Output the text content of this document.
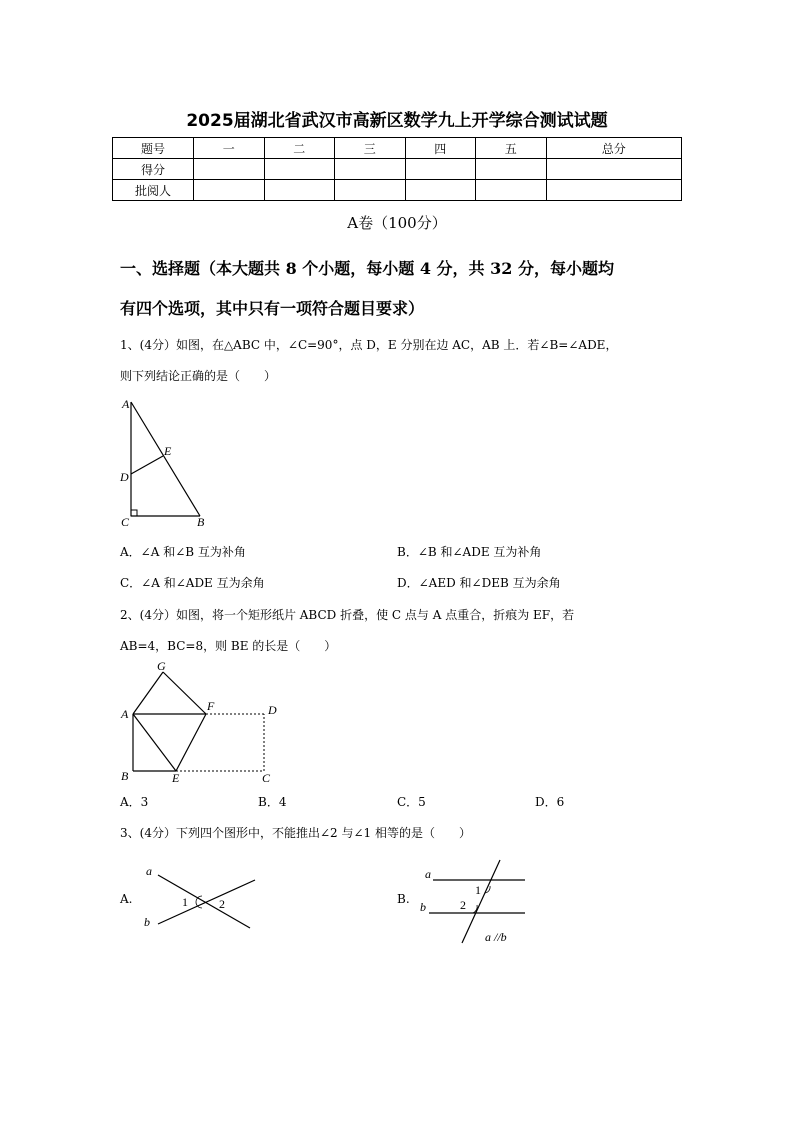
2025届湖北省武汉市高新区数学九上开学综合测试试题
题号	一	二	三	四	五	总分
得分						
批阅人						
A卷（100分）
一、选择题（本大题共 8 个小题，每小题 4 分，共 32 分，每小题均
有四个选项，其中只有一项符合题目要求）
1、(4分）如图，在△ABC 中，∠C=90°，点 D，E 分别在边 AC，AB 上．若∠B=∠ADE，
则下列结论正确的是（　　）
A
E
D
C	B
A．∠A 和∠B 互为补角	B．∠B 和∠ADE 互为补角
C．∠A 和∠ADE 互为余角	D．∠AED 和∠DEB 互为余角
2、(4分）如图，将一个矩形纸片 ABCD 折叠，使 C 点与 A 点重合，折痕为 EF，若
AB=4，BC=8，则 BE 的长是（　　）
G
A
F	D
B	E	C
A．3	B．4	C．5	D．6
3、(4分）下列四个图形中，不能推出∠2 与∠1 相等的是（　　）
A.
a
b
1	2	B.
a
b
1
2
a //b
